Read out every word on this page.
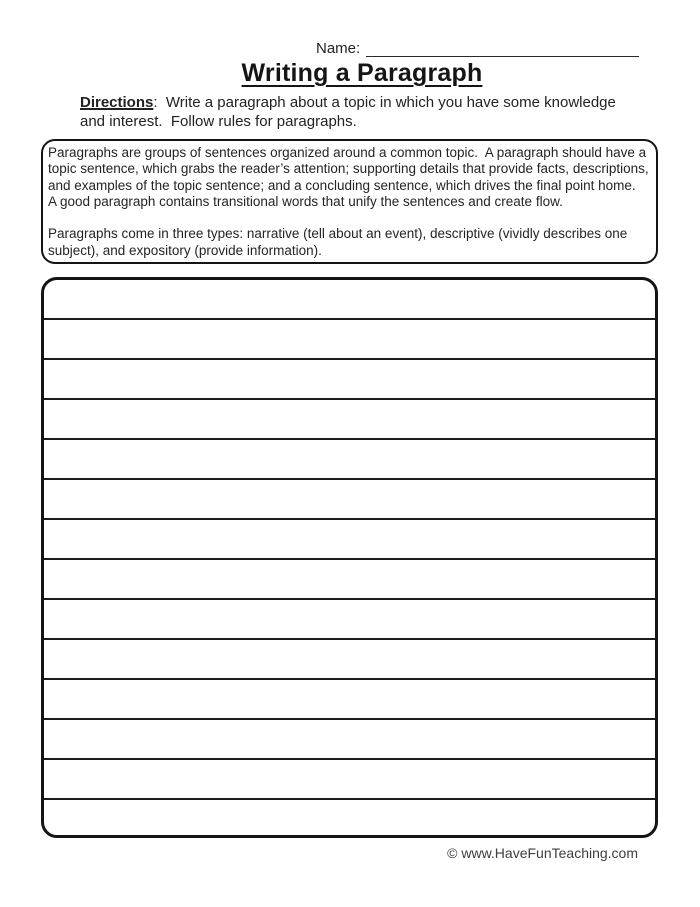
Name:
Writing a Paragraph
Directions:  Write a paragraph about a topic in which you have some knowledge
and interest.  Follow rules for paragraphs.
Paragraphs are groups of sentences organized around a common topic.  A paragraph should have a
topic sentence, which grabs the reader’s attention; supporting details that provide facts, descriptions,
and examples of the topic sentence; and a concluding sentence, which drives the final point home.
A good paragraph contains transitional words that unify the sentences and create flow.
Paragraphs come in three types: narrative (tell about an event), descriptive (vividly describes one
subject), and expository (provide information).
© www.HaveFunTeaching.com
